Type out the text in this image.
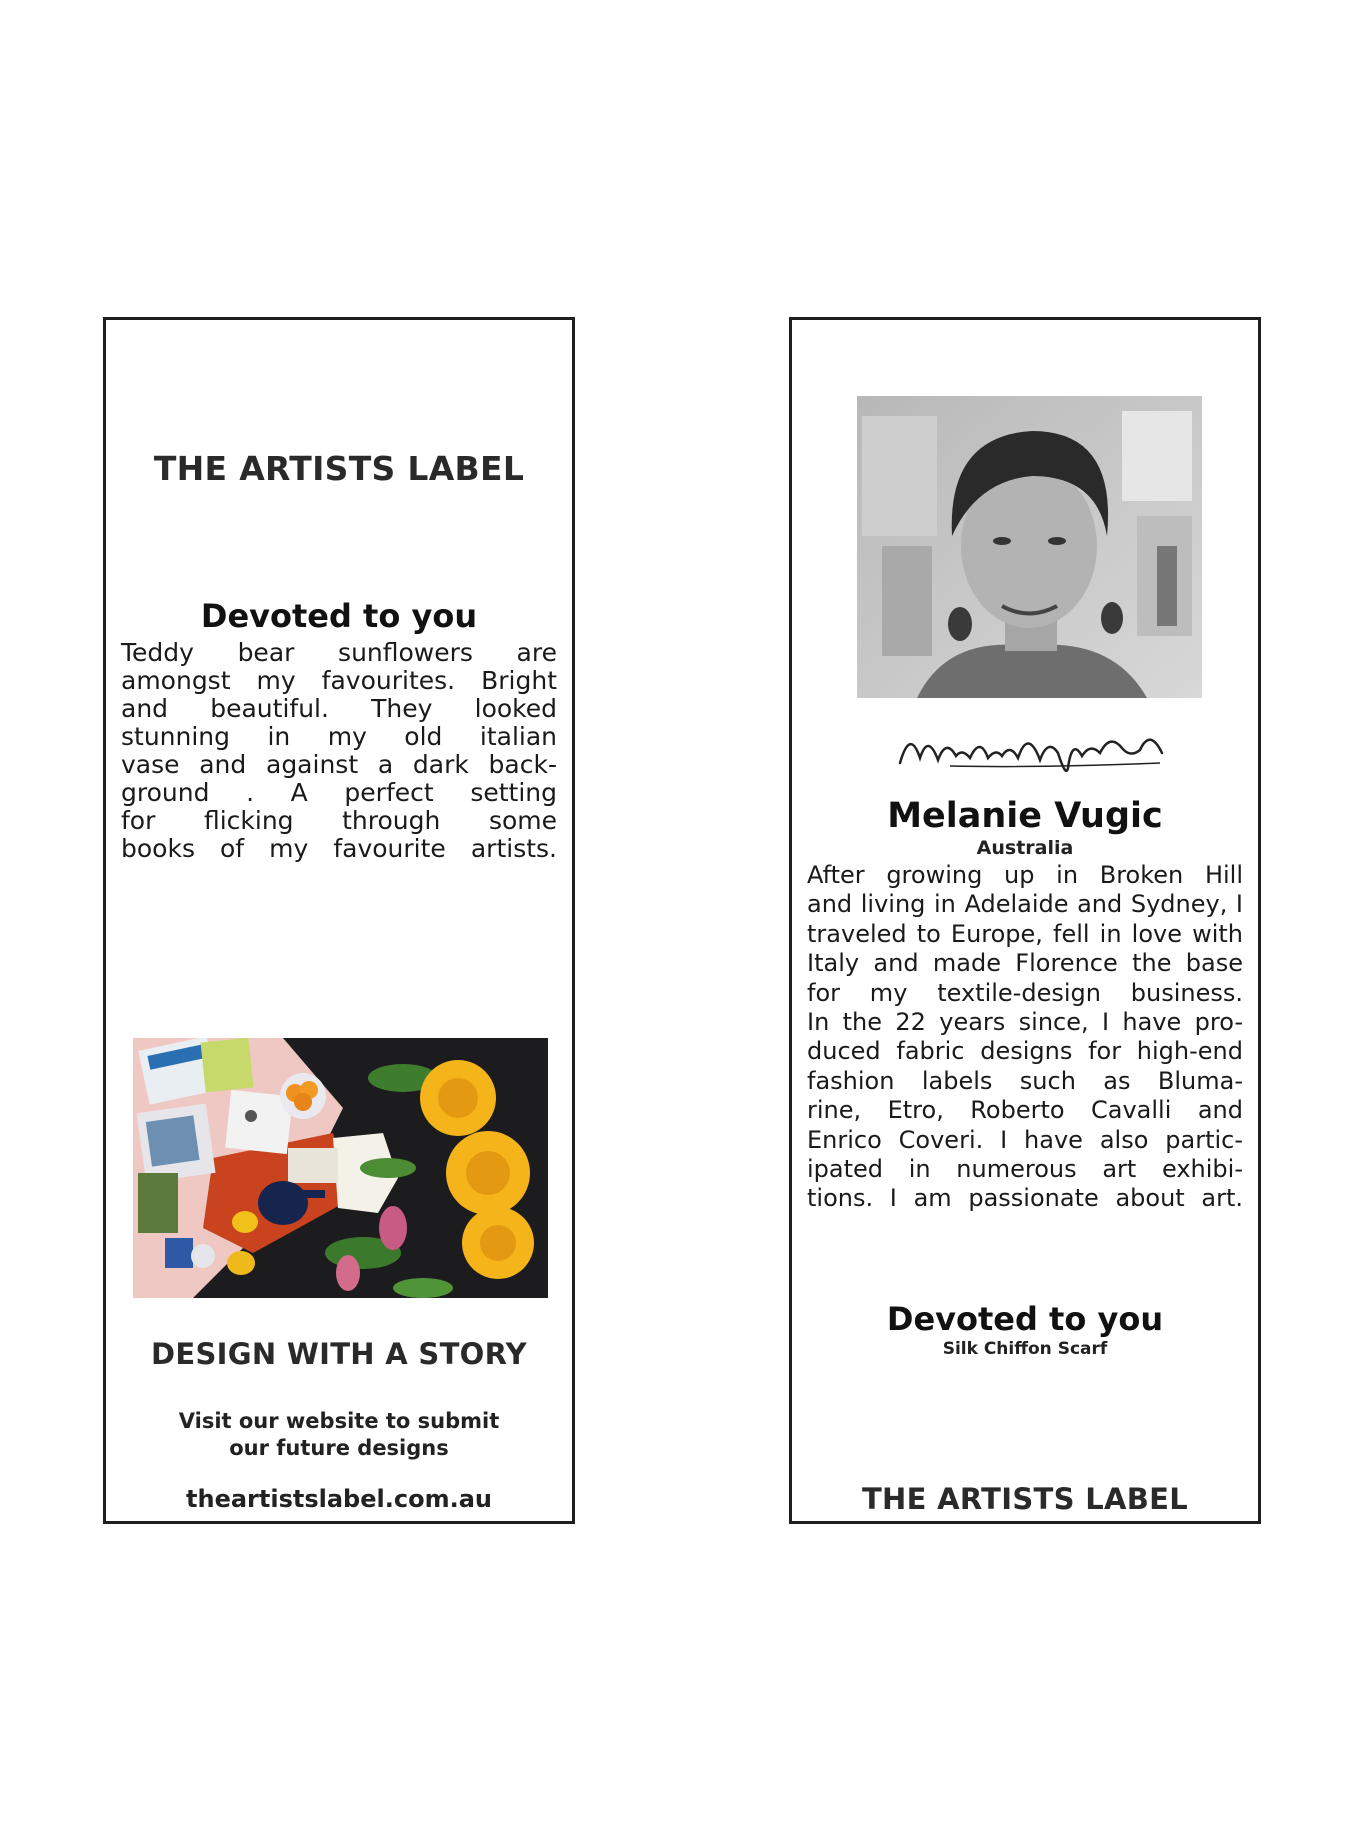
THE ARTISTS LABEL
Devoted to you
Teddy bear sunflowers are
amongst my favourites. Bright
and beautiful. They looked
stunning in my old italian
vase and against a dark back-
ground . A perfect setting
for flicking through some
books of my favourite artists.
DESIGN WITH A STORY
Visit our website to submit
our future designs
theartistslabel.com.au
Melanie Vugic
Australia
After growing up in Broken Hill
and living in Adelaide and Sydney, I
traveled to Europe, fell in love with
Italy and made Florence the base
for my textile-design business.
In the 22 years since, I have pro-
duced fabric designs for high-end
fashion labels such as Bluma-
rine, Etro, Roberto Cavalli and
Enrico Coveri. I have also partic-
ipated in numerous art exhibi-
tions. I am passionate about art.
Devoted to you
Silk Chiffon Scarf
THE ARTISTS LABEL
